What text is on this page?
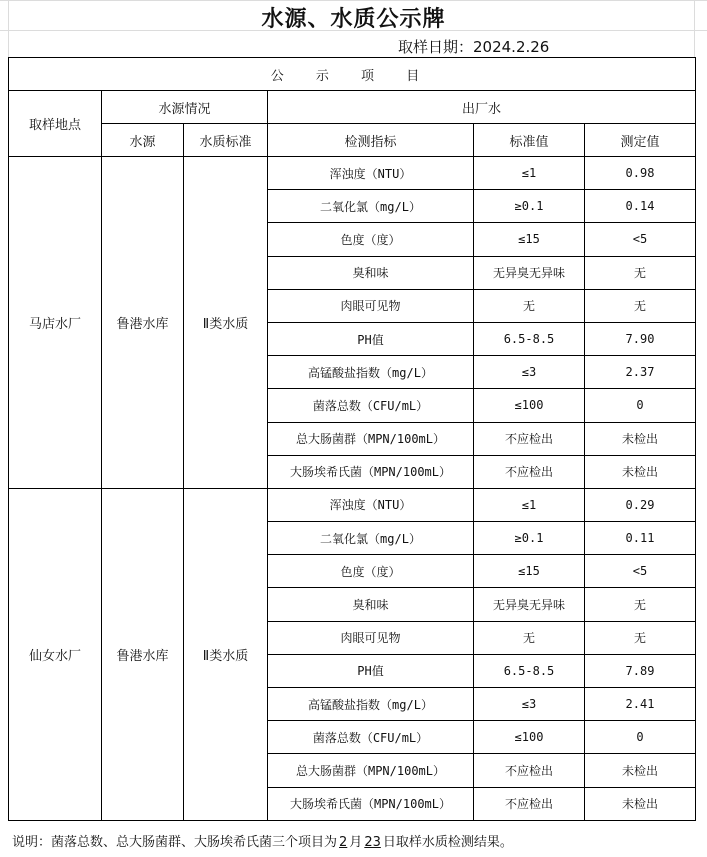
水源、水质公示牌
取样日期：2024.2.26
公 示 项 目					
取样地点	水源情况		出厂水		
	水源	水质标准	检测指标	标准值	测定值
马店水厂	鲁港水库	Ⅱ类水质	浑浊度（NTU）	≤1	0.98
			二氧化氯（mg/L）	≥0.1	0.14
			色度（度）	≤15	<5
			臭和味	无异臭无异味	无
			肉眼可见物	无	无
			PH值	6.5-8.5	7.90
			高锰酸盐指数（mg/L）	≤3	2.37
			菌落总数（CFU/mL）	≤100	0
			总大肠菌群（MPN/100mL）	不应检出	未检出
			大肠埃希氏菌（MPN/100mL）	不应检出	未检出
仙女水厂	鲁港水库	Ⅱ类水质	浑浊度（NTU）	≤1	0.29
			二氧化氯（mg/L）	≥0.1	0.11
			色度（度）	≤15	<5
			臭和味	无异臭无异味	无
			肉眼可见物	无	无
			PH值	6.5-8.5	7.89
			高锰酸盐指数（mg/L）	≤3	2.41
			菌落总数（CFU/mL）	≤100	0
			总大肠菌群（MPN/100mL）	不应检出	未检出
			大肠埃希氏菌（MPN/100mL）	不应检出	未检出
说明：菌落总数、总大肠菌群、大肠埃希氏菌三个项目为 2 月 23 日取样水质检测结果。
